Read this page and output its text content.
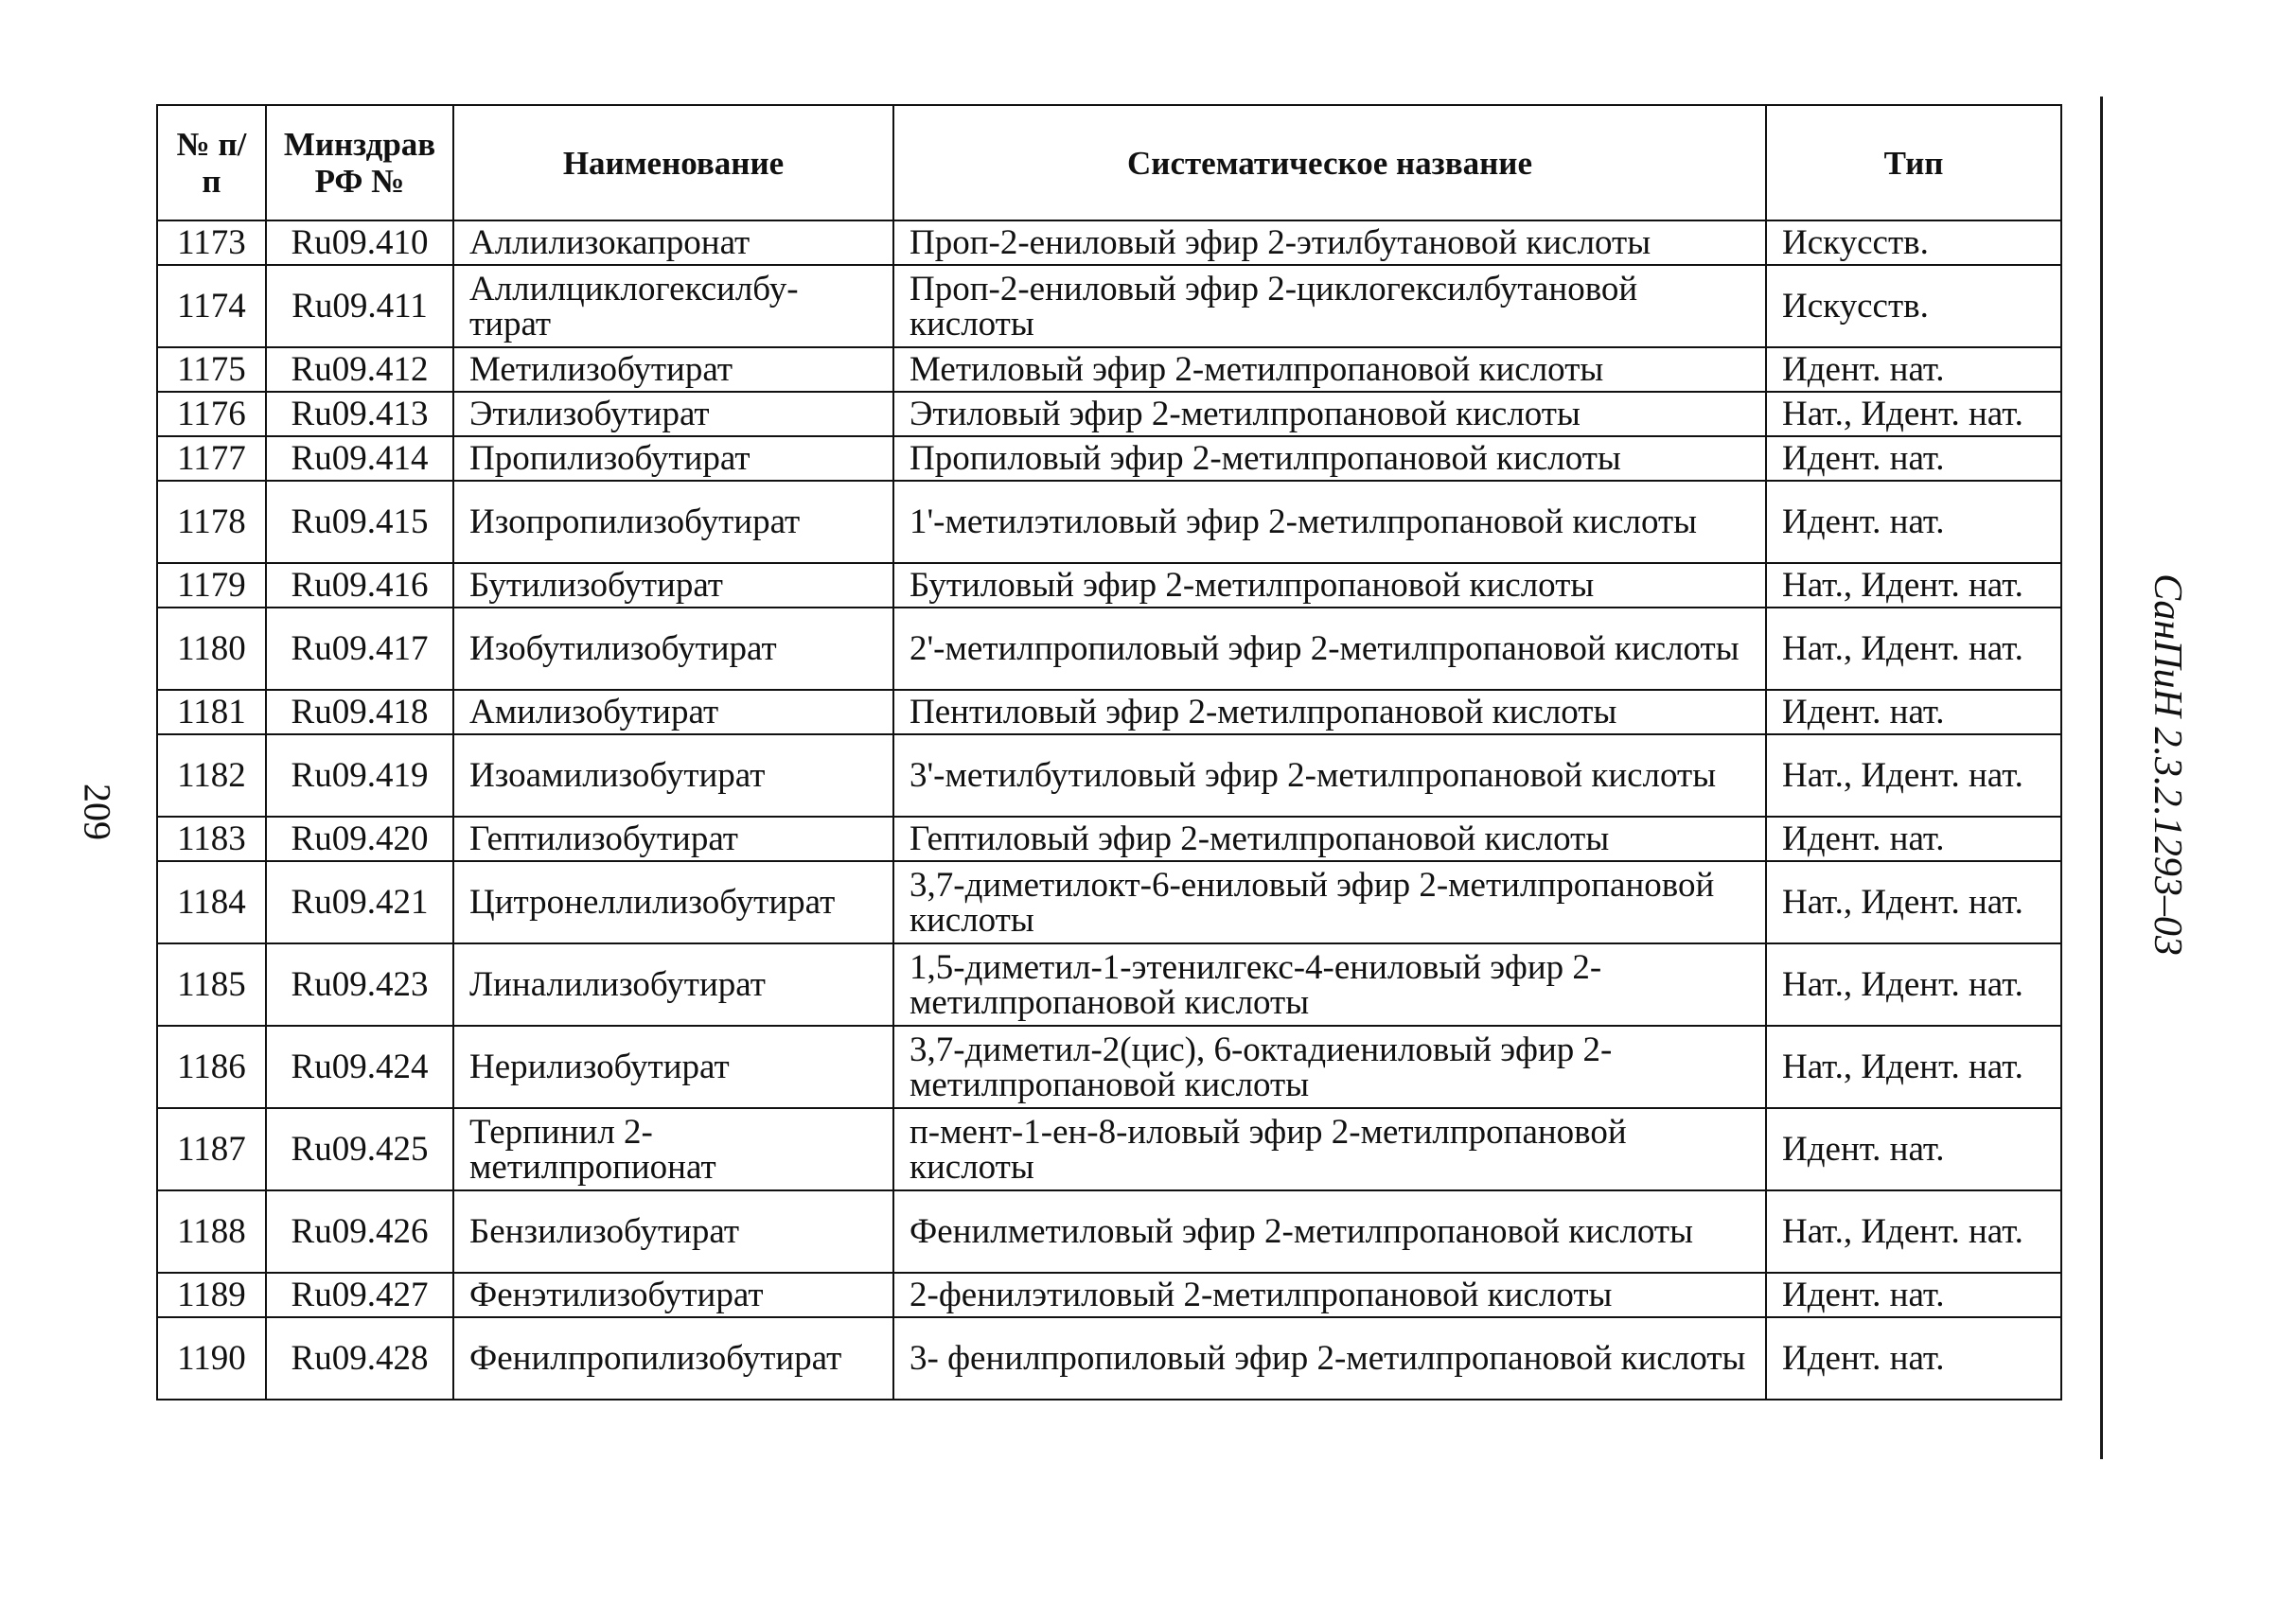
209
№ п/п	Минздрав РФ №	Наименование	Систематическое название	Тип
1173	Ru09.410	Аллилизокапронат	Проп-2-ениловый эфир 2-этилбутановой кислоты	Искусств.
1174	Ru09.411	Аллилциклогексилбу-тират	Проп-2-ениловый эфир 2-циклогексилбутановой кислоты	Искусств.
1175	Ru09.412	Метилизобутират	Метиловый эфир 2-метилпропановой кислоты	Идент. нат.
1176	Ru09.413	Этилизобутират	Этиловый эфир 2-метилпропановой кислоты	Нат., Идент. нат.
1177	Ru09.414	Пропилизобутират	Пропиловый эфир 2-метилпропановой кислоты	Идент. нат.
1178	Ru09.415	Изопропилизобутират	1'-метилэтиловый эфир 2-метилпропановой кислоты	Идент. нат.
1179	Ru09.416	Бутилизобутират	Бутиловый эфир 2-метилпропановой кислоты	Нат., Идент. нат.
1180	Ru09.417	Изобутилизобутират	2'-метилпропиловый эфир 2-метилпропановой кислоты	Нат., Идент. нат.
1181	Ru09.418	Амилизобутират	Пентиловый эфир 2-метилпропановой кислоты	Идент. нат.
1182	Ru09.419	Изоамилизобутират	3'-метилбутиловый эфир 2-метилпропановой кислоты	Нат., Идент. нат.
1183	Ru09.420	Гептилизобутират	Гептиловый эфир 2-метилпропановой кислоты	Идент. нат.
1184	Ru09.421	Цитронеллилизобутират	3,7-диметилокт-6-ениловый эфир 2-метилпропановой кислоты	Нат., Идент. нат.
1185	Ru09.423	Линалилизобутират	1,5-диметил-1-этенилгекс-4-ениловый эфир 2-метилпропановой кислоты	Нат., Идент. нат.
1186	Ru09.424	Нерилизобутират	3,7-диметил-2(цис), 6-октадиениловый эфир 2-метилпропановой кислоты	Нат., Идент. нат.
1187	Ru09.425	Терпинил 2-метилпропионат	п-мент-1-ен-8-иловый эфир 2-метилпропановой кислоты	Идент. нат.
1188	Ru09.426	Бензилизобутират	Фенилметиловый эфир 2-метилпропановой кислоты	Нат., Идент. нат.
1189	Ru09.427	Фенэтилизобутират	2-фенилэтиловый 2-метилпропановой кислоты	Идент. нат.
1190	Ru09.428	Фенилпропилизобутират	3- фенилпропиловый эфир 2-метилпропановой кислоты	Идент. нат.
СанПиН 2.3.2.1293–03
